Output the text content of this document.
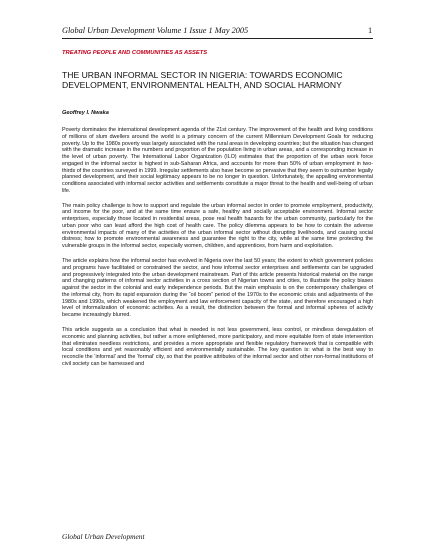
Global Urban Development Volume 1 Issue 1 May 2005	1
TREATING PEOPLE AND COMMUNITIES AS ASSETS
THE URBAN INFORMAL SECTOR IN NIGERIA: TOWARDS ECONOMIC DEVELOPMENT, ENVIRONMENTAL HEALTH, AND SOCIAL HARMONY
Geoffrey I. Nwaka

Poverty dominates the international development agenda of the 21st century. The improvement of the health and living conditions of millions of slum dwellers around the world is a primary concern of the current Millennium Development Goals for reducing poverty. Up to the 1980s poverty was largely associated with the rural areas in developing countries; but the situation has changed with the dramatic increase in the numbers and proportion of the population living in urban areas, and a corresponding increase in the level of urban poverty. The International Labor Organization (ILO) estimates that the proportion of the urban work force engaged in the informal sector is highest in sub-Saharan Africa, and accounts for more than 50% of urban employment in two-thirds of the countries surveyed in 1999. Irregular settlements also have become so pervasive that they seem to outnumber legally planned development, and their social legitimacy appears to be no longer in question. Unfortunately, the appalling environmental conditions associated with informal sector activities and settlements constitute a major threat to the health and well-being of urban life.

The main policy challenge is how to support and regulate the urban informal sector in order to promote employment, productivity, and income for the poor, and at the same time ensure a safe, healthy and socially acceptable environment. Informal sector enterprises, especially those located in residential areas, pose real health hazards for the urban community, particularly for the urban poor who can least afford the high cost of health care. The policy dilemma appears to be how to contain the adverse environmental impacts of many of the activities of the urban informal sector without disrupting livelihoods, and causing social distress; how to promote environmental awareness and guarantee the right to the city, while at the same time protecting the vulnerable groups in the informal sector, especially women, children, and apprentices, from harm and exploitation.

The article explains how the informal sector has evolved in Nigeria over the last 50 years; the extent to which government policies and programs have facilitated or constrained the sector, and how informal sector enterprises and settlements can be upgraded and progressively integrated into the urban development mainstream. Part of this article presents historical material on the range and changing patterns of informal sector activities in a cross section of Nigerian towns and cities, to illustrate the policy biases against the sector in the colonial and early independence periods. But the main emphasis is on the contemporary challenges of the informal city, from its rapid expansion during the “oil boom” period of the 1970s to the economic crisis and adjustments of the 1980s and 1990s, which weakened the employment and law enforcement capacity of the state, and therefore encouraged a high level of informalization of economic activities. As a result, the distinction between the formal and informal spheres of activity became increasingly blurred.

This article suggests as a conclusion that what is needed is not less government, less control, or mindless deregulation of economic and planning activities, but rather a more enlightened, more participatory, and more equitable form of state intervention that eliminates needless restrictions, and provides a more appropriate and flexible regulatory framework that is compatible with local conditions and yet reasonably efficient and environmentally sustainable. The key question is: what is the best way to reconcile the ‘informal’ and the ‘formal’ city, so that the positive attributes of the informal sector and other non-formal institutions of civil society can be harnessed and

Global Urban Development
